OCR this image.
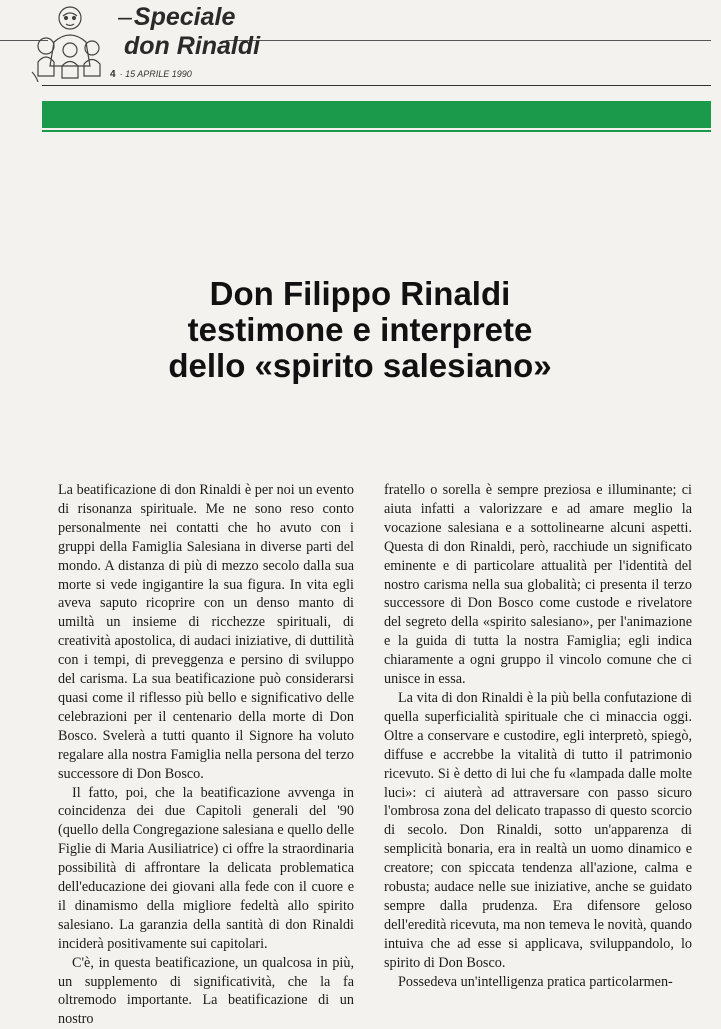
–Speciale
don Rinaldi
4 · 15 APRILE 1990
Don Filippo Rinaldi
testimone e interprete
dello «spirito salesiano»

La beatificazione di don Rinaldi è per noi un evento di risonanza spirituale. Me ne sono reso conto personalmente nei contatti che ho avuto con i gruppi della Famiglia Salesiana in diverse parti del mondo. A distanza di più di mezzo secolo dalla sua morte si vede ingigantire la sua figura. In vita egli aveva saputo ricoprire con un denso manto di umiltà un insieme di ricchezze spirituali, di creatività apostolica, di audaci iniziative, di duttilità con i tempi, di preveggenza e persino di sviluppo del carisma. La sua beatificazione può considerarsi quasi come il riflesso più bello e significativo delle celebrazioni per il centenario della morte di Don Bosco. Svelerà a tutti quanto il Signore ha voluto regalare alla nostra Famiglia nella persona del terzo successore di Don Bosco.

Il fatto, poi, che la beatificazione avvenga in coincidenza dei due Capitoli generali del '90 (quello della Congregazione salesiana e quello delle Figlie di Maria Ausiliatrice) ci offre la straordinaria possibilità di affrontare la delicata problematica dell'educazione dei giovani alla fede con il cuore e il dinamismo della migliore fedeltà allo spirito salesiano. La garanzia della santità di don Rinaldi inciderà positivamente sui capitolari.

C'è, in questa beatificazione, un qualcosa in più, un supplemento di significatività, che la fa oltremodo importante. La beatificazione di un nostro

fratello o sorella è sempre preziosa e illuminante; ci aiuta infatti a valorizzare e ad amare meglio la vocazione salesiana e a sottolinearne alcuni aspetti. Questa di don Rinaldi, però, racchiude un significato eminente e di particolare attualità per l'identità del nostro carisma nella sua globalità; ci presenta il terzo successore di Don Bosco come custode e rivelatore del segreto della «spirito salesiano», per l'animazione e la guida di tutta la nostra Famiglia; egli indica chiaramente a ogni gruppo il vincolo comune che ci unisce in essa.

La vita di don Rinaldi è la più bella confutazione di quella superficialità spirituale che ci minaccia oggi. Oltre a conservare e custodire, egli interpretò, spiegò, diffuse e accrebbe la vitalità di tutto il patrimonio ricevuto. Si è detto di lui che fu «lampada dalle molte luci»: ci aiuterà ad attraversare con passo sicuro l'ombrosa zona del delicato trapasso di questo scorcio di secolo. Don Rinaldi, sotto un'apparenza di semplicità bonaria, era in realtà un uomo dinamico e creatore; con spiccata tendenza all'azione, calma e robusta; audace nelle sue iniziative, anche se guidato sempre dalla prudenza. Era difensore geloso dell'eredità ricevuta, ma non temeva le novità, quando intuiva che ad esse si applicava, sviluppandolo, lo spirito di Don Bosco.

Possedeva un'intelligenza pratica particolarmen-
